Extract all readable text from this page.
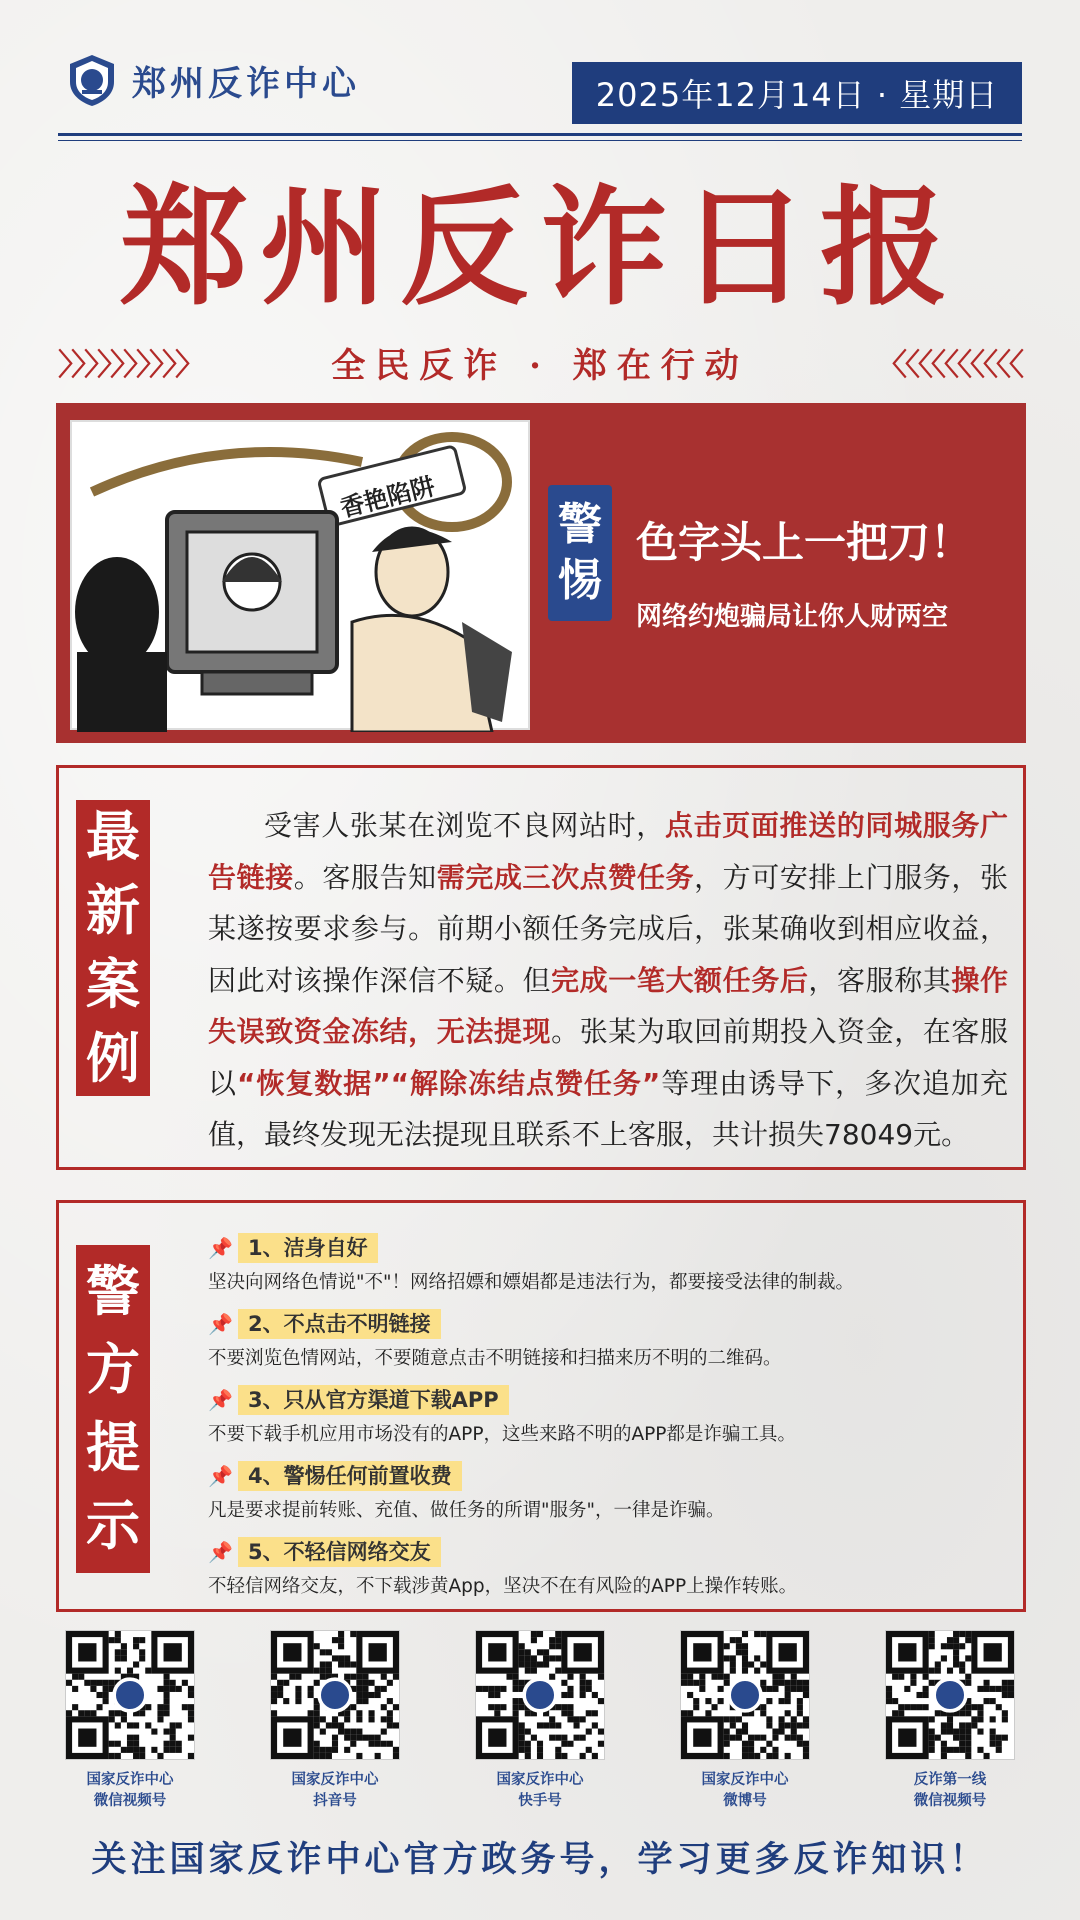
郑州反诈中心	2025年12月14日 · 星期日
郑州反诈日报
〉〉〉〉〉〉〉〉〉〉	全民反诈 · 郑在行动	〈〈〈〈〈〈〈〈〈〈
香艳陷阱
警
惕
色字头上一把刀！
网络约炮骗局让你人财两空
最
新
案
例
受害人张某在浏览不良网站时，点击页面推送的同城服务广告链接。客服告知需完成三次点赞任务，方可安排上门服务，张某遂按要求参与。前期小额任务完成后，张某确收到相应收益，因此对该操作深信不疑。但完成一笔大额任务后，客服称其操作失误致资金冻结，无法提现。张某为取回前期投入资金，在客服以“恢复数据”“解除冻结点赞任务”等理由诱导下，多次追加充值，最终发现无法提现且联系不上客服，共计损失78049元。
警
方
提
示
📌 1、洁身自好
坚决向网络色情说"不"！网络招嫖和嫖娼都是违法行为，都要接受法律的制裁。
📌 2、不点击不明链接
不要浏览色情网站，不要随意点击不明链接和扫描来历不明的二维码。
📌 3、只从官方渠道下载APP
不要下载手机应用市场没有的APP，这些来路不明的APP都是诈骗工具。
📌 4、警惕任何前置收费
凡是要求提前转账、充值、做任务的所谓"服务"，一律是诈骗。
📌 5、不轻信网络交友
不轻信网络交友，不下载涉黄App，坚决不在有风险的APP上操作转账。
国家反诈中心
微信视频号
国家反诈中心
抖音号
国家反诈中心
快手号
国家反诈中心
微博号
反诈第一线
微信视频号
关注国家反诈中心官方政务号，学习更多反诈知识！
